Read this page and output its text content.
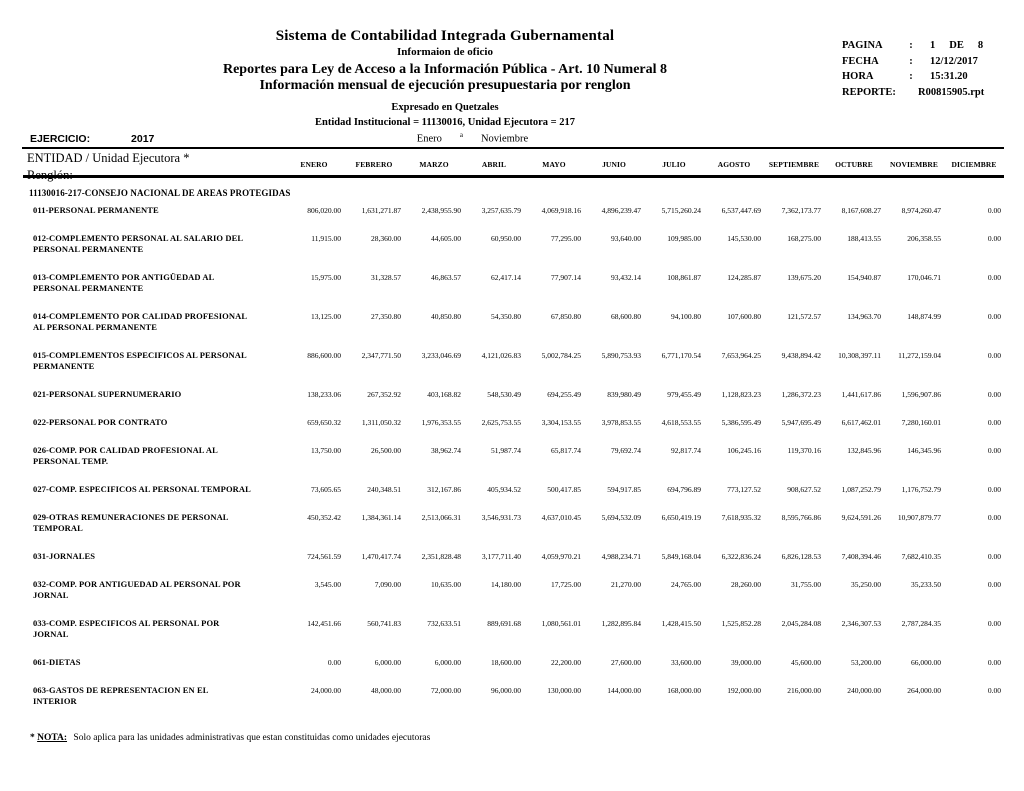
Sistema de Contabilidad Integrada Gubernamental
Informaion de oficio
Reportes para Ley de Acceso a la Información Pública - Art. 10 Numeral 8
Información mensual de ejecución presupuestaria por renglon
Expresado en Quetzales
Entidad Institucional = 11130016, Unidad Ejecutora = 217
Enero	$^a$ Noviembre
PAGINA	:	1 DE 8
FECHA	:	12/12/2017
HORA	:	15:31.20
REPORTE:	R00815905.rpt
EJERCICIO:	2017
ENTIDAD / Unidad Ejecutora *
Renglón:
	ENERO	FEBRERO	MARZO	ABRIL	MAYO	JUNIO	JULIO	AGOSTO	SEPTIEMBRE	OCTUBRE	NOVIEMBRE	DICIEMBRE
11130016-217-CONSEJO NACIONAL DE AREAS PROTEGIDAS												
011-PERSONAL PERMANENTE	806,020.00	1,631,271.87	2,438,955.90	3,257,635.79	4,069,918.16	4,896,239.47	5,715,260.24	6,537,447.69	7,362,173.77	8,167,608.27	8,974,260.47	0.00
012-COMPLEMENTO PERSONAL AL SALARIO DEL PERSONAL PERMANENTE	11,915.00	28,360.00	44,605.00	60,950.00	77,295.00	93,640.00	109,985.00	145,530.00	168,275.00	188,413.55	206,358.55	0.00
013-COMPLEMENTO POR ANTIGÜEDAD AL PERSONAL PERMANENTE	15,975.00	31,328.57	46,863.57	62,417.14	77,907.14	93,432.14	108,861.87	124,285.87	139,675.20	154,940.87	170,046.71	0.00
014-COMPLEMENTO POR CALIDAD PROFESIONAL AL PERSONAL PERMANENTE	13,125.00	27,350.80	40,850.80	54,350.80	67,850.80	68,600.80	94,100.80	107,600.80	121,572.57	134,963.70	148,874.99	0.00
015-COMPLEMENTOS ESPECIFICOS AL PERSONAL PERMANENTE	886,600.00	2,347,771.50	3,233,046.69	4,121,026.83	5,002,784.25	5,890,753.93	6,771,170.54	7,653,964.25	9,438,894.42	10,308,397.11	11,272,159.04	0.00
021-PERSONAL SUPERNUMERARIO	138,233.06	267,352.92	403,168.82	548,530.49	694,255.49	839,980.49	979,455.49	1,128,823.23	1,286,372.23	1,441,617.86	1,596,907.86	0.00
022-PERSONAL POR CONTRATO	659,650.32	1,311,050.32	1,976,353.55	2,625,753.55	3,304,153.55	3,978,853.55	4,618,553.55	5,386,595.49	5,947,695.49	6,617,462.01	7,280,160.01	0.00
026-COMP. POR CALIDAD PROFESIONAL AL PERSONAL TEMP.	13,750.00	26,500.00	38,962.74	51,987.74	65,817.74	79,692.74	92,817.74	106,245.16	119,370.16	132,845.96	146,345.96	0.00
027-COMP. ESPECIFICOS AL PERSONAL TEMPORAL	73,605.65	240,348.51	312,167.86	405,934.52	500,417.85	594,917.85	694,796.89	773,127.52	908,627.52	1,087,252.79	1,176,752.79	0.00
029-OTRAS REMUNERACIONES DE PERSONAL TEMPORAL	450,352.42	1,384,361.14	2,513,066.31	3,546,931.73	4,637,010.45	5,694,532.09	6,650,419.19	7,618,935.32	8,595,766.86	9,624,591.26	10,907,879.77	0.00
031-JORNALES	724,561.59	1,470,417.74	2,351,828.48	3,177,711.40	4,059,970.21	4,988,234.71	5,849,168.04	6,322,836.24	6,826,128.53	7,408,394.46	7,682,410.35	0.00
032-COMP. POR ANTIGUEDAD AL PERSONAL POR JORNAL	3,545.00	7,090.00	10,635.00	14,180.00	17,725.00	21,270.00	24,765.00	28,260.00	31,755.00	35,250.00	35,233.50	0.00
033-COMP. ESPECIFICOS AL PERSONAL POR JORNAL	142,451.66	560,741.83	732,633.51	889,691.68	1,080,561.01	1,282,895.84	1,428,415.50	1,525,852.28	2,045,284.08	2,346,307.53	2,787,284.35	0.00
061-DIETAS	0.00	6,000.00	6,000.00	18,600.00	22,200.00	27,600.00	33,600.00	39,000.00	45,600.00	53,200.00	66,000.00	0.00
063-GASTOS DE REPRESENTACION EN EL INTERIOR	24,000.00	48,000.00	72,000.00	96,000.00	130,000.00	144,000.00	168,000.00	192,000.00	216,000.00	240,000.00	264,000.00	0.00
* NOTA: Solo aplica para las unidades administrativas que estan constituidas como unidades ejecutoras
